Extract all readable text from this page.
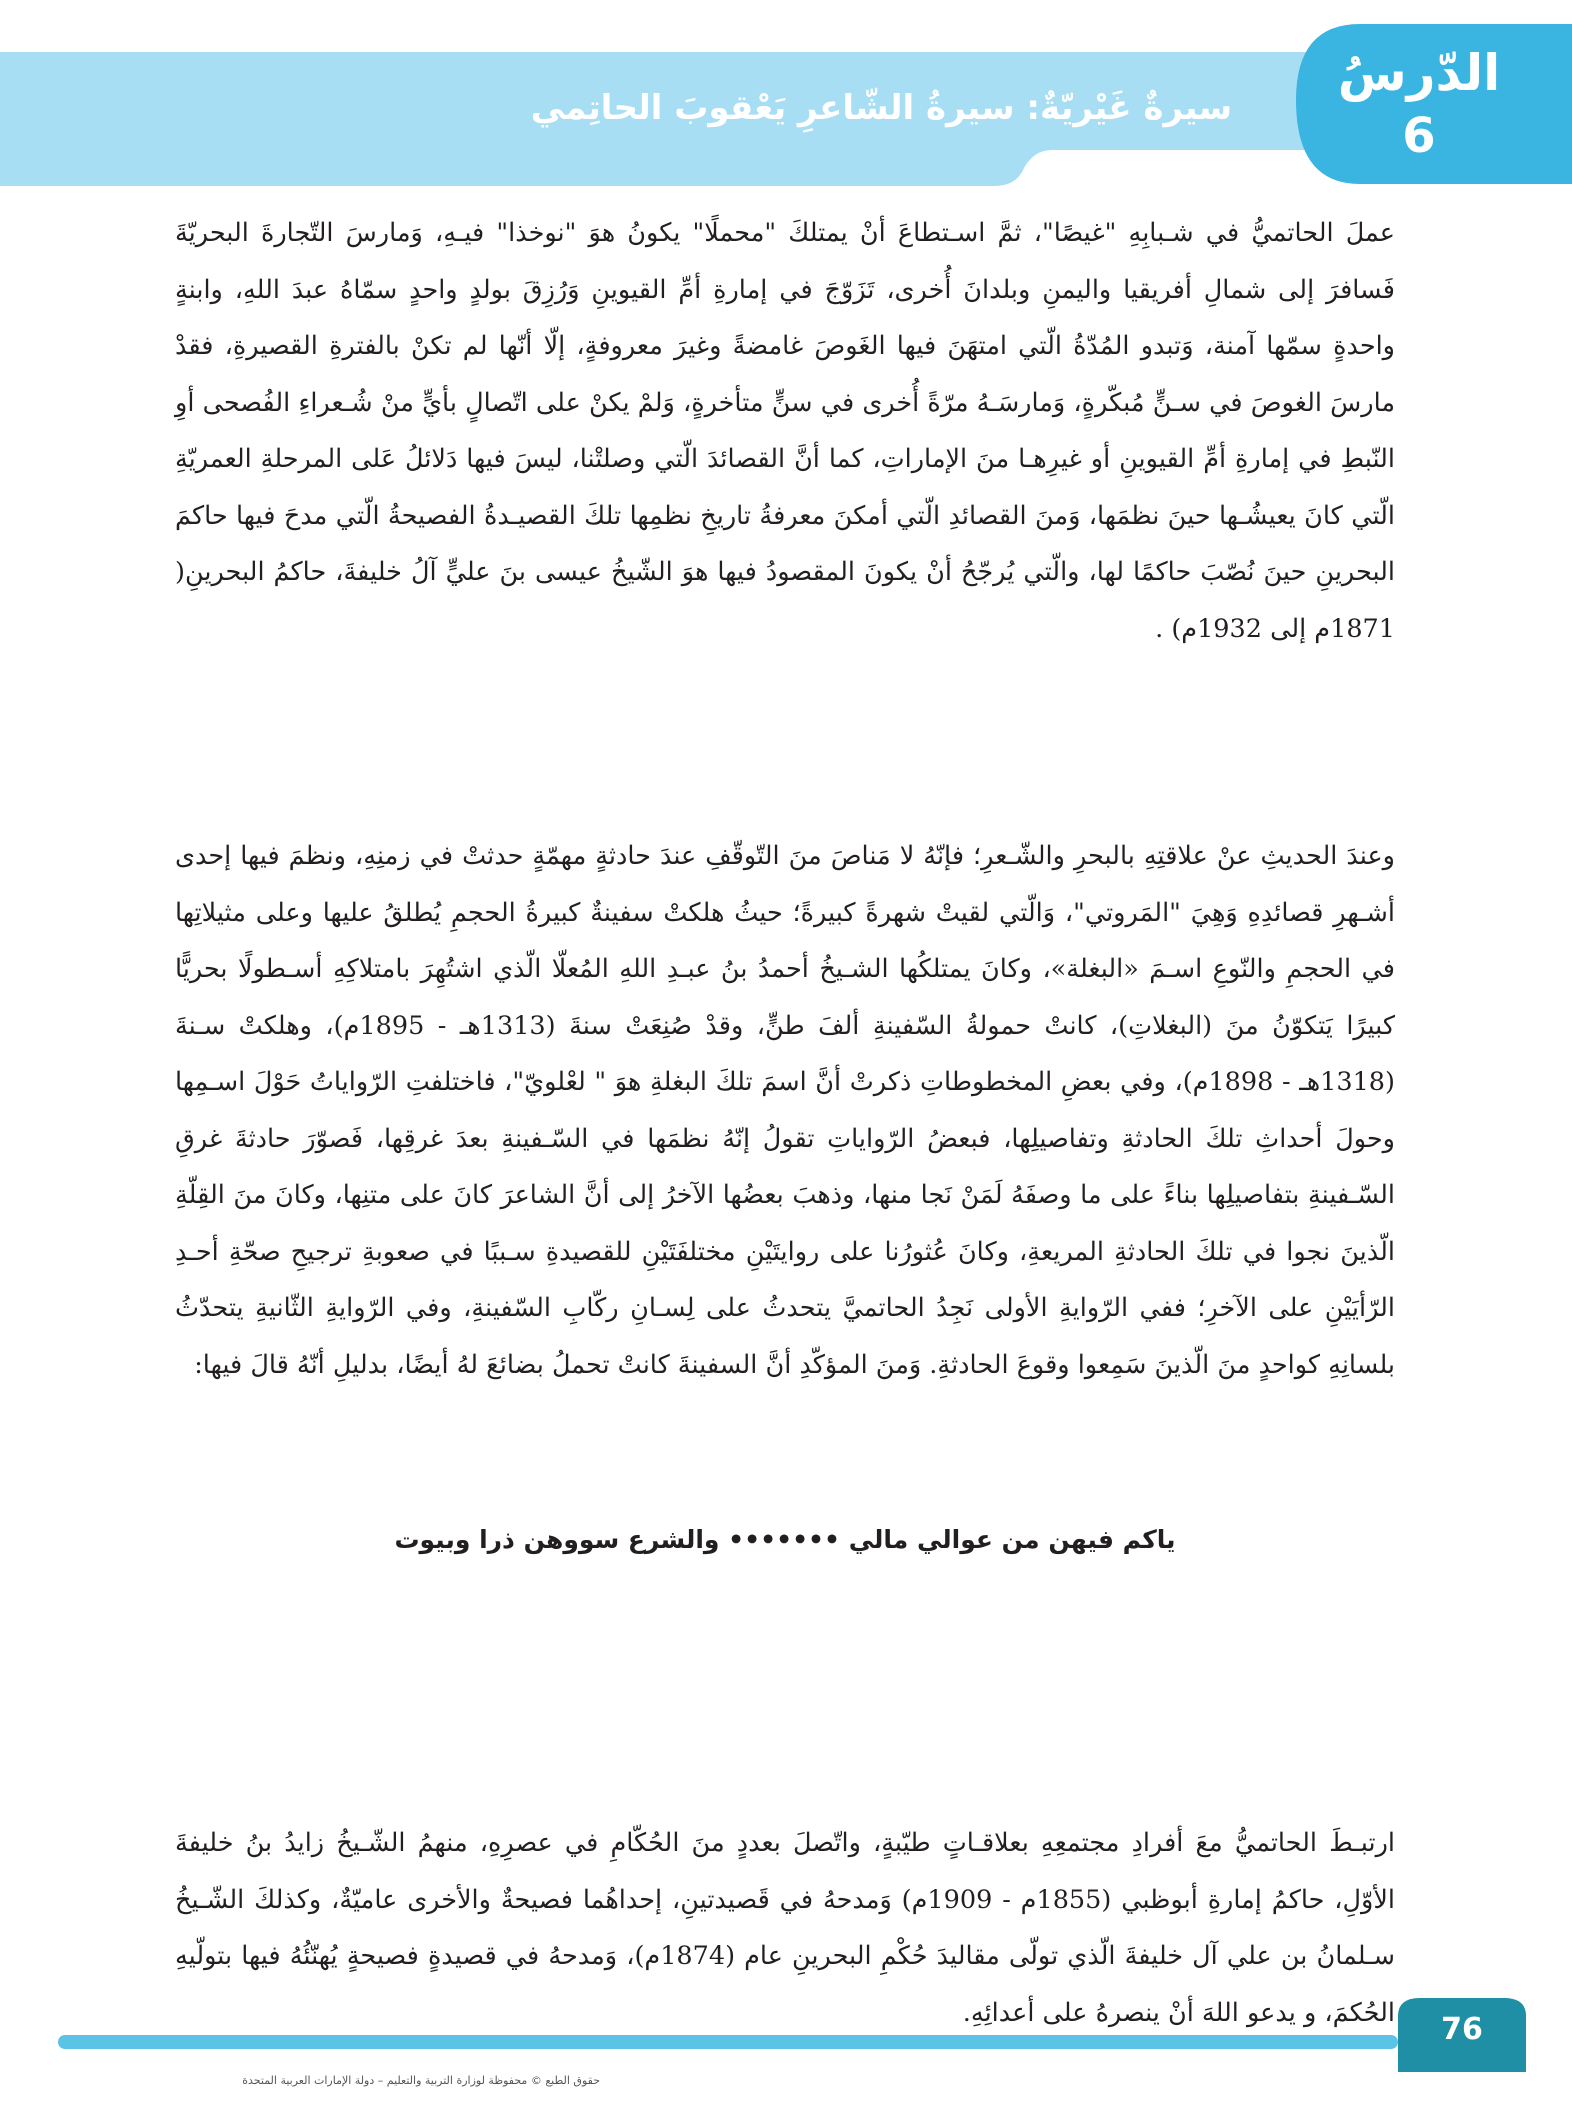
الدّرسُ
6
سيرةٌ غَيْريّةٌ: سيرةُ الشّاعرِ يَعْقوبَ الحاتِمي
عملَ الحاتميُّ في شـبابِهِ "غيصًا"، ثمَّ اسـتطاعَ أنْ يمتلكَ "محملًا" يكونُ هوَ "نوخذا" فيـهِ، وَمارسَ التّجارةَ البحريّةَ فَسافرَ إلى شمالِ أفريقيا واليمنِ وبلدانَ أُخرى، تَزَوّجَ في إمارةِ أمِّ القيوينِ وَرُزِقَ بولدٍ واحدٍ سمّاهُ عبدَ اللهِ، وابنةٍ واحدةٍ سمّها آمنة، وَتبدو المُدّةُ الّتي امتهَنَ فيها الغَوصَ غامضةً وغيرَ معروفةٍ، إلّا أنّها لم تكنْ بالفترةِ القصيرةِ، فقدْ مارسَ الغوصَ في سـنٍّ مُبكّرةٍ، وَمارسَـهُ مرّةً أُخرى في سنٍّ متأخرةٍ، وَلمْ يكنْ على اتّصالٍ بأيٍّ منْ شُـعراءِ الفُصحى أوِ النّبطِ في إمارةِ أمِّ القيوينِ أو غيرِهـا منَ الإماراتِ، كما أنَّ القصائدَ الّتي وصلتْنا، ليسَ فيها دَلائلُ عَلى المرحلةِ العمريّةِ الّتي كانَ يعيشُـها حينَ نظمَها، وَمنَ القصائدِ الّتي أمكنَ معرفةُ تاريخِ نظمِها تلكَ القصيـدةُ الفصيحةُ الّتي مدحَ فيها حاكمَ البحرينِ حينَ نُصّبَ حاكمًا لها، والّتي يُرجّحُ أنْ يكونَ المقصودُ فيها هوَ الشّيخُ عيسى بنَ عليٍّ آلُ خليفةَ، حاكمُ البحرينِ( 1871م إلى 1932م) .
وعندَ الحديثِ عنْ علاقتِهِ بالبحرِ والشّـعرِ؛ فإنّهُ لا مَناصَ منَ التّوقّفِ عندَ حادثةٍ مهمّةٍ حدثتْ في زمنِهِ، ونظمَ فيها إحدى أشـهرِ قصائدِهِ وَهِيَ "المَروتي"، وَالّتي لقيتْ شهرةً كبيرةً؛ حيثُ هلكتْ سفينةٌ كبيرةُ الحجمِ يُطلقُ عليها وعلى مثيلاتِها في الحجمِ والنّوعِ اسـمَ «البغلة»، وكانَ يمتلكُها الشـيخُ أحمدُ بنُ عبـدِ اللهِ المُعلّا الّذي اشتُهِرَ بامتلاكِهِ أسـطولًا بحريًّا كبيرًا يَتكوّنُ منَ (البغلاتِ)، كانتْ حمولةُ السّفينةِ ألفَ طنٍّ، وقدْ صُنِعَتْ سنةَ (1313هـ - 1895م)، وهلكتْ سـنةَ (1318هـ - 1898م)، وفي بعضِ المخطوطاتِ ذكرتْ أنَّ اسمَ تلكَ البغلةِ هوَ " لعْلويّ"، فاختلفتِ الرّواياتُ حَوْلَ اسـمِها وحولَ أحداثِ تلكَ الحادثةِ وتفاصيلِها، فبعضُ الرّواياتِ تقولُ إنّهُ نظمَها في السّـفينةِ بعدَ غرقِها، فَصوّرَ حادثةَ غرقِ السّـفينةِ بتفاصيلِها بناءً على ما وصفَهُ لَمَنْ نَجا منها، وذهبَ بعضُها الآخرُ إلى أنَّ الشاعرَ كانَ على متنِها، وكانَ منَ القِلّةِ الّذينَ نجوا في تلكَ الحادثةِ المريعةِ، وكانَ عُثورُنا على روايتَيْنِ مختلفَتَيْنِ للقصيدةِ سـببًا في صعوبةِ ترجيحِ صحّةِ أحـدِ الرّأيَيْنِ على الآخرِ؛ ففي الرّوايةِ الأولى نَجِدُ الحاتميَّ يتحدثُ على لِسـانِ ركّابِ السّفينةِ، وفي الرّوايةِ الثّانيةِ يتحدّثُ بلسانِهِ كواحدٍ منَ الّذينَ سَمِعوا وقوعَ الحادثةِ. وَمنَ المؤكّدِ أنَّ السفينةَ كانتْ تحملُ بضائعَ لهُ أيضًا، بدليلِ أنّهُ قالَ فيها:
ياكم فيهن من عوالي مالي ••••••• والشرع سووهن ذرا وبيوت
ارتبـطَ الحاتميُّ معَ أفرادِ مجتمعِهِ بعلاقـاتٍ طيّبةٍ، واتّصلَ بعددٍ منَ الحُكّامِ في عصرِهِ، منهمُ الشّـيخُ زايدُ بنُ خليفةَ الأوّلِ، حاكمُ إمارةِ أبوظبي (1855م - 1909م) وَمدحهُ في قَصيدتينِ، إحداهُما فصيحةٌ والأخرى عاميّةٌ، وكذلكَ الشّـيخُ سـلمانُ بن علي آل خليفةَ الّذي تولّى مقاليدَ حُكْمِ البحرينِ عام (1874م)، وَمدحهُ في قصيدةٍ فصيحةٍ يُهنّئُهُ فيها بتولّيهِ الحُكمَ، و يدعو اللهَ أنْ ينصرهُ على أعدائِهِ.	76
حقوق الطبع © محفوظة لوزارة التربية والتعليم – دولة الإمارات العربية المتحدة
